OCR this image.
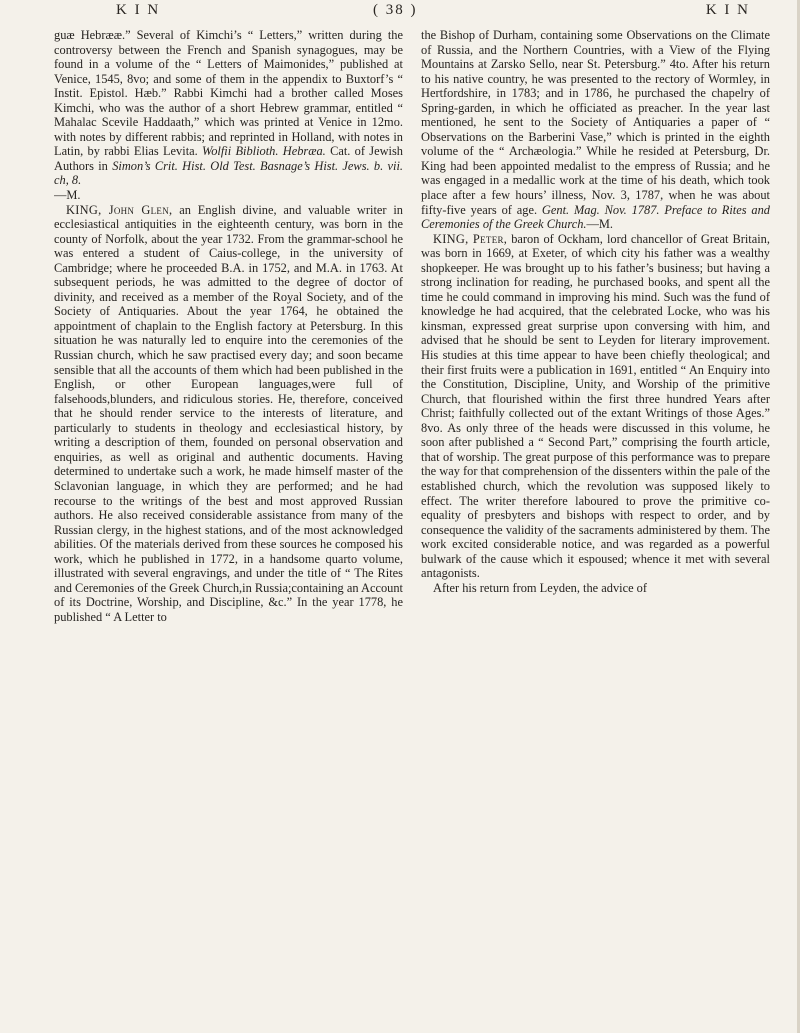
K I N	( 38 )	K I N

guæ Hebrææ.” Several of Kimchi’s “ Letters,” written during the controversy between the French and Spanish synagogues, may be found in a volume of the “ Letters of Maimonides,” published at Venice, 1545, 8vo; and some of them in the appendix to Buxtorf’s “ Instit. Epistol. Hæb.” Rabbi Kimchi had a brother called Moses Kimchi, who was the author of a short Hebrew grammar, entitled “ Mahalac Scevile Haddaath,” which was printed at Venice in 12mo. with notes by different rabbis; and reprinted in Holland, with notes in Latin, by rabbi Elias Levita. Wolfii Biblioth. Hebræa. Cat. of Jewish Authors in Simon’s Crit. Hist. Old Test. Basnage’s Hist. Jews. b. vii. ch, 8.
—M.

KING, John Glen, an English divine, and valuable writer in ecclesiastical antiquities in the eighteenth century, was born in the county of Norfolk, about the year 1732. From the grammar-school he was entered a student of Caius-college, in the university of Cambridge; where he proceeded B.A. in 1752, and M.A. in 1763. At subsequent periods, he was admitted to the degree of doctor of divinity, and received as a member of the Royal Society, and of the Society of Antiquaries. About the year 1764, he obtained the appointment of chaplain to the English factory at Petersburg. In this situation he was naturally led to enquire into the ceremonies of the Russian church, which he saw practised every day; and soon became sensible that all the accounts of them which had been published in the English, or other European languages,were full of falsehoods,blunders, and ridiculous stories. He, therefore, conceived that he should render service to the interests of literature, and particularly to students in theology and ecclesiastical history, by writing a description of them, founded on personal observation and enquiries, as well as original and authentic documents. Having determined to undertake such a work, he made himself master of the Sclavonian language, in which they are performed; and he had recourse to the writings of the best and most approved Russian authors. He also received considerable assistance from many of the Russian clergy, in the highest stations, and of the most acknowledged abilities. Of the materials derived from these sources he composed his work, which he published in 1772, in a handsome quarto volume, illustrated with several engravings, and under the title of “ The Rites and Ceremonies of the Greek Church,in Russia;containing an Account of its Doctrine, Worship, and Discipline, &c.” In the year 1778, he published “ A Letter to

the Bishop of Durham, containing some Observations on the Climate of Russia, and the Northern Countries, with a View of the Flying Mountains at Zarsko Sello, near St. Petersburg.” 4to. After his return to his native country, he was presented to the rectory of Wormley, in Hertfordshire, in 1783; and in 1786, he purchased the chapelry of Spring-garden, in which he officiated as preacher. In the year last mentioned, he sent to the Society of Antiquaries a paper of “ Observations on the Barberini Vase,” which is printed in the eighth volume of the “ Archæologia.” While he resided at Petersburg, Dr. King had been appointed medalist to the empress of Russia; and he was engaged in a medallic work at the time of his death, which took place after a few hours’ illness, Nov. 3, 1787, when he was about fifty-five years of age. Gent. Mag. Nov. 1787. Preface to Rites and Ceremonies of the Greek Church.—M.

KING, Peter, baron of Ockham, lord chancellor of Great Britain, was born in 1669, at Exeter, of which city his father was a wealthy shopkeeper. He was brought up to his father’s business; but having a strong inclination for reading, he purchased books, and spent all the time he could command in improving his mind. Such was the fund of knowledge he had acquired, that the celebrated Locke, who was his kinsman, expressed great surprise upon conversing with him, and advised that he should be sent to Leyden for literary improvement. His studies at this time appear to have been chiefly theological; and their first fruits were a publication in 1691, entitled “ An Enquiry into the Constitution, Discipline, Unity, and Worship of the primitive Church, that flourished within the first three hundred Years after Christ; faithfully collected out of the extant Writings of those Ages.” 8vo. As only three of the heads were discussed in this volume, he soon after published a “ Second Part,” comprising the fourth article, that of worship. The great purpose of this performance was to prepare the way for that comprehension of the dissenters within the pale of the established church, which the revolution was supposed likely to effect. The writer therefore laboured to prove the primitive co-equality of presbyters and bishops with respect to order, and by consequence the validity of the sacraments administered by them. The work excited considerable notice, and was regarded as a powerful bulwark of the cause which it espoused; whence it met with several antagonists.

After his return from Leyden, the advice of
